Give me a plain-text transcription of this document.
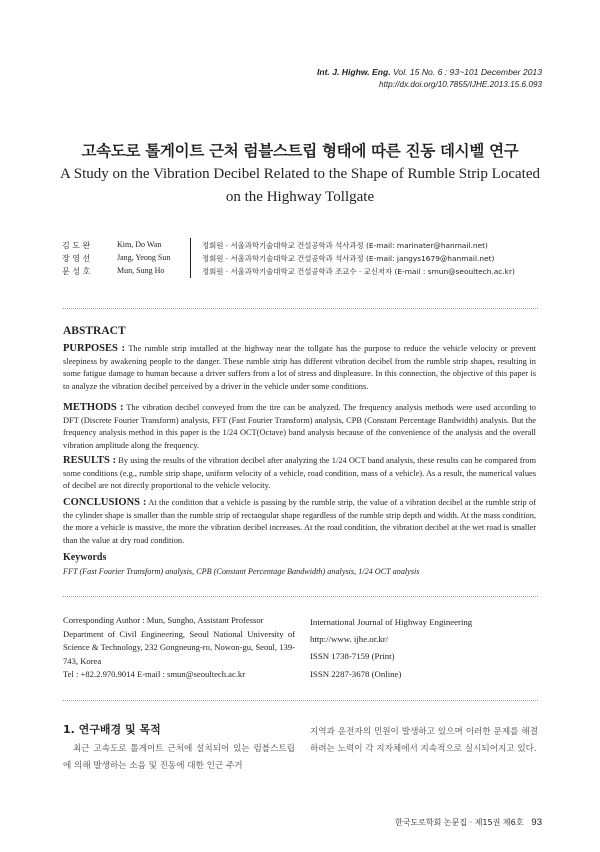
Int. J. Highw. Eng. Vol. 15 No. 6 : 93~101 December 2013
http://dx.doi.org/10.7855/IJHE.2013.15.6.093
고속도로 톨게이트 근처 럼블스트립 형태에 따른 진동 데시벨 연구
A Study on the Vibration Decibel Related to the Shape of Rumble Strip Located on the Highway Tollgate
김 도 완	Kim, Do Wan	정회원 · 서울과학기술대학교 건설공학과 석사과정 (E-mail: marinater@hanmail.net)
장 영 선	Jang, Yeong Sun	정회원 · 서울과학기술대학교 건설공학과 석사과정 (E-mail: jangys1679@hanmail.net)
문 성 호	Mun, Sung Ho	정회원 · 서울과학기술대학교 건설공학과 조교수 · 교신저자 (E-mail : smun@seoultech.ac.kr)
ABSTRACT
PURPOSES : The rumble strip installed at the highway near the tollgate has the purpose to reduce the vehicle velocity or prevent sleepiness by awakening people to the danger. These rumble strip has different vibration decibel from the rumble strip shapes, resulting in some fatigue damage to human because a driver suffers from a lot of stress and displeasure. In this connection, the objective of this paper is to analyze the vibration decibel perceived by a driver in the vehicle under some conditions.
METHODS : The vibration decibel conveyed from the tire can be analyzed. The frequency analysis methods were used according to DFT (Discrete Fourier Transform) analysis, FFT (Fast Fourier Transform) analysis, CPB (Constant Percentage Bandwidth) analysis. But the frequency analysis method in this paper is the 1/24 OCT(Octave) band analysis because of the convenience of the analysis and the overall vibration amplitude along the frequency.
RESULTS : By using the results of the vibration decibel after analyzing the 1/24 OCT band analysis, these results can be compared from some conditions (e.g., rumble strip shape, uniform velocity of a vehicle, road condition, mass of a vehicle). As a result, the numerical values of decibel are not directly proportional to the vehicle velocity.
CONCLUSIONS : At the condition that a vehicle is passing by the rumble strip, the value of a vibration decibel at the rumble strip of the cylinder shape is smaller than the rumble strip of rectangular shape regardless of the rumble strip depth and width. At the mass condition, the more a vehicle is massive, the more the vibration decibel increases. At the road condition, the vibration decibel at the wet road is smaller than the value at dry road condition.
Keywords
FFT (Fast Fourier Transform) analysis, CPB (Constant Percentage Bandwidth) analysis, 1/24 OCT analysis
Corresponding Author : Mun, Sungho, Assistant Professor
Department of Civil Engineering, Seoul National University of Science & Technology, 232 Gongneung-ro, Nowon-gu, Seoul, 139-743, Korea
Tel : +82.2.970.9014 E-mail : smun@seoultech.ac.kr
International Journal of Highway Engineering
http://www. ijhe.or.kr/
ISSN 1738-7159 (Print)
ISSN 2287-3678 (Online)
1. 연구배경 및 목적
최근 고속도로 톨게이트 근처에 설치되어 있는 럼블스트립에 의해 발생하는 소음 및 진동에 대한 인근 주거
지역과 운전자의 민원이 발생하고 있으며 이러한 문제를 해결하려는 노력이 각 지자체에서 지속적으로 실시되어지고 있다.
한국도로학회 논문집 · 제15권 제6호 93
